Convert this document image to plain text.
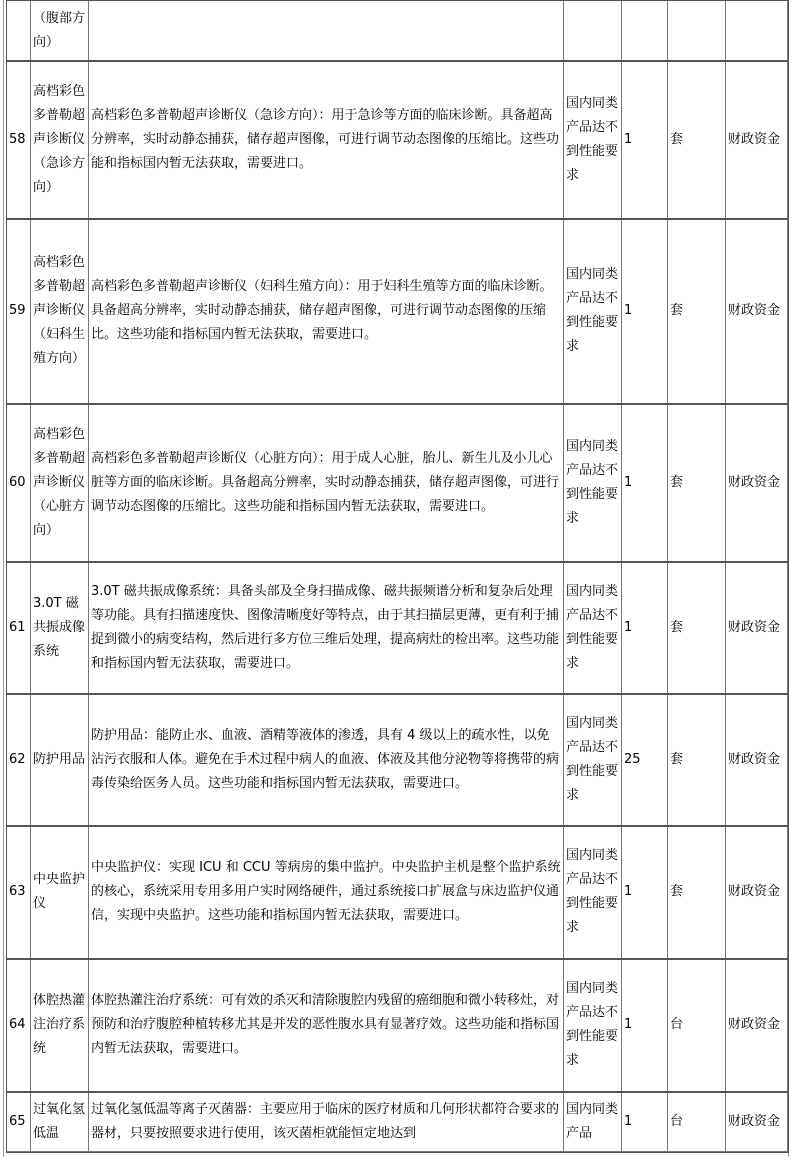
	（腹部方向）					
58	高档彩色多普勒超声诊断仪（急诊方向）	高档彩色多普勒超声诊断仪（急诊方向）：用于急诊等方面的临床诊断。具备超高分辨率，实时动静态捕获，储存超声图像，可进行调节动态图像的压缩比。这些功能和指标国内暂无法获取，需要进口。	国内同类产品达不到性能要求	1	套	财政资金
59	高档彩色多普勒超声诊断仪（妇科生殖方向）	高档彩色多普勒超声诊断仪（妇科生殖方向）：用于妇科生殖等方面的临床诊断。具备超高分辨率，实时动静态捕获，储存超声图像，可进行调节动态图像的压缩比。这些功能和指标国内暂无法获取，需要进口。	国内同类产品达不到性能要求	1	套	财政资金
60	高档彩色多普勒超声诊断仪（心脏方向）	高档彩色多普勒超声诊断仪（心脏方向）：用于成人心脏，胎儿、新生儿及小儿心脏等方面的临床诊断。具备超高分辨率，实时动静态捕获，储存超声图像，可进行调节动态图像的压缩比。这些功能和指标国内暂无法获取，需要进口。	国内同类产品达不到性能要求	1	套	财政资金
61	3.0T 磁共振成像系统	3.0T 磁共振成像系统：具备头部及全身扫描成像、磁共振频谱分析和复杂后处理等功能。具有扫描速度快、图像清晰度好等特点，由于其扫描层更薄，更有利于捕捉到微小的病变结构，然后进行多方位三维后处理，提高病灶的检出率。这些功能和指标国内暂无法获取，需要进口。	国内同类产品达不到性能要求	1	套	财政资金
62	防护用品	防护用品：能防止水、血液、酒精等液体的渗透，具有 4 级以上的疏水性，以免沾污衣服和人体。避免在手术过程中病人的血液、体液及其他分泌物等将携带的病毒传染给医务人员。这些功能和指标国内暂无法获取，需要进口。	国内同类产品达不到性能要求	25	套	财政资金
63	中央监护仪	中央监护仪：实现 ICU 和 CCU 等病房的集中监护。中央监护主机是整个监护系统的核心，系统采用专用多用户实时网络硬件，通过系统接口扩展盒与床边监护仪通信，实现中央监护。这些功能和指标国内暂无法获取，需要进口。	国内同类产品达不到性能要求	1	套	财政资金
64	体腔热灌注治疗系统	体腔热灌注治疗系统：可有效的杀灭和清除腹腔内残留的癌细胞和微小转移灶，对预防和治疗腹腔种植转移尤其是并发的恶性腹水具有显著疗效。这些功能和指标国内暂无法获取，需要进口。	国内同类产品达不到性能要求	1	台	财政资金
65	过氧化氢低温	过氧化氢低温等离子灭菌器：主要应用于临床的医疗材质和几何形状都符合要求的器材，只要按照要求进行使用，该灭菌柜就能恒定地达到	国内同类产品	1	台	财政资金
